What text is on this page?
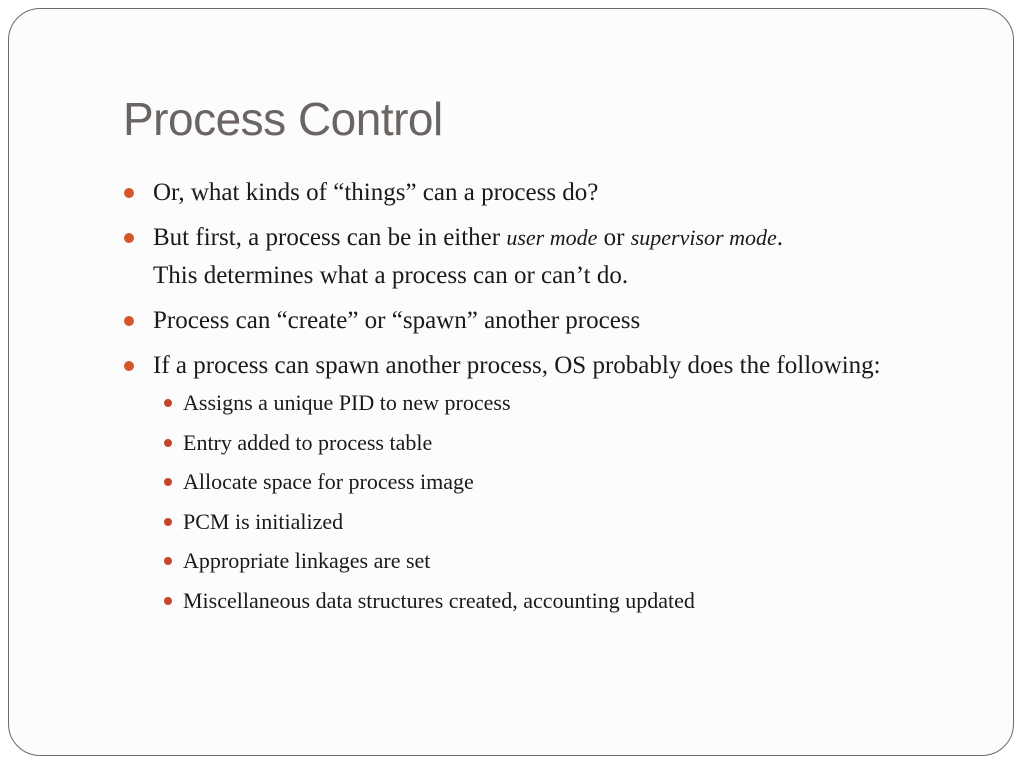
Process Control
Or, what kinds of “things” can a process do?
But first, a process can be in either user mode or supervisor mode.
This determines what a process can or can’t do.
Process can “create” or “spawn” another process
If a process can spawn another process, OS probably does the following:
Assigns a unique PID to new process
Entry added to process table
Allocate space for process image
PCM is initialized
Appropriate linkages are set
Miscellaneous data structures created, accounting updated
